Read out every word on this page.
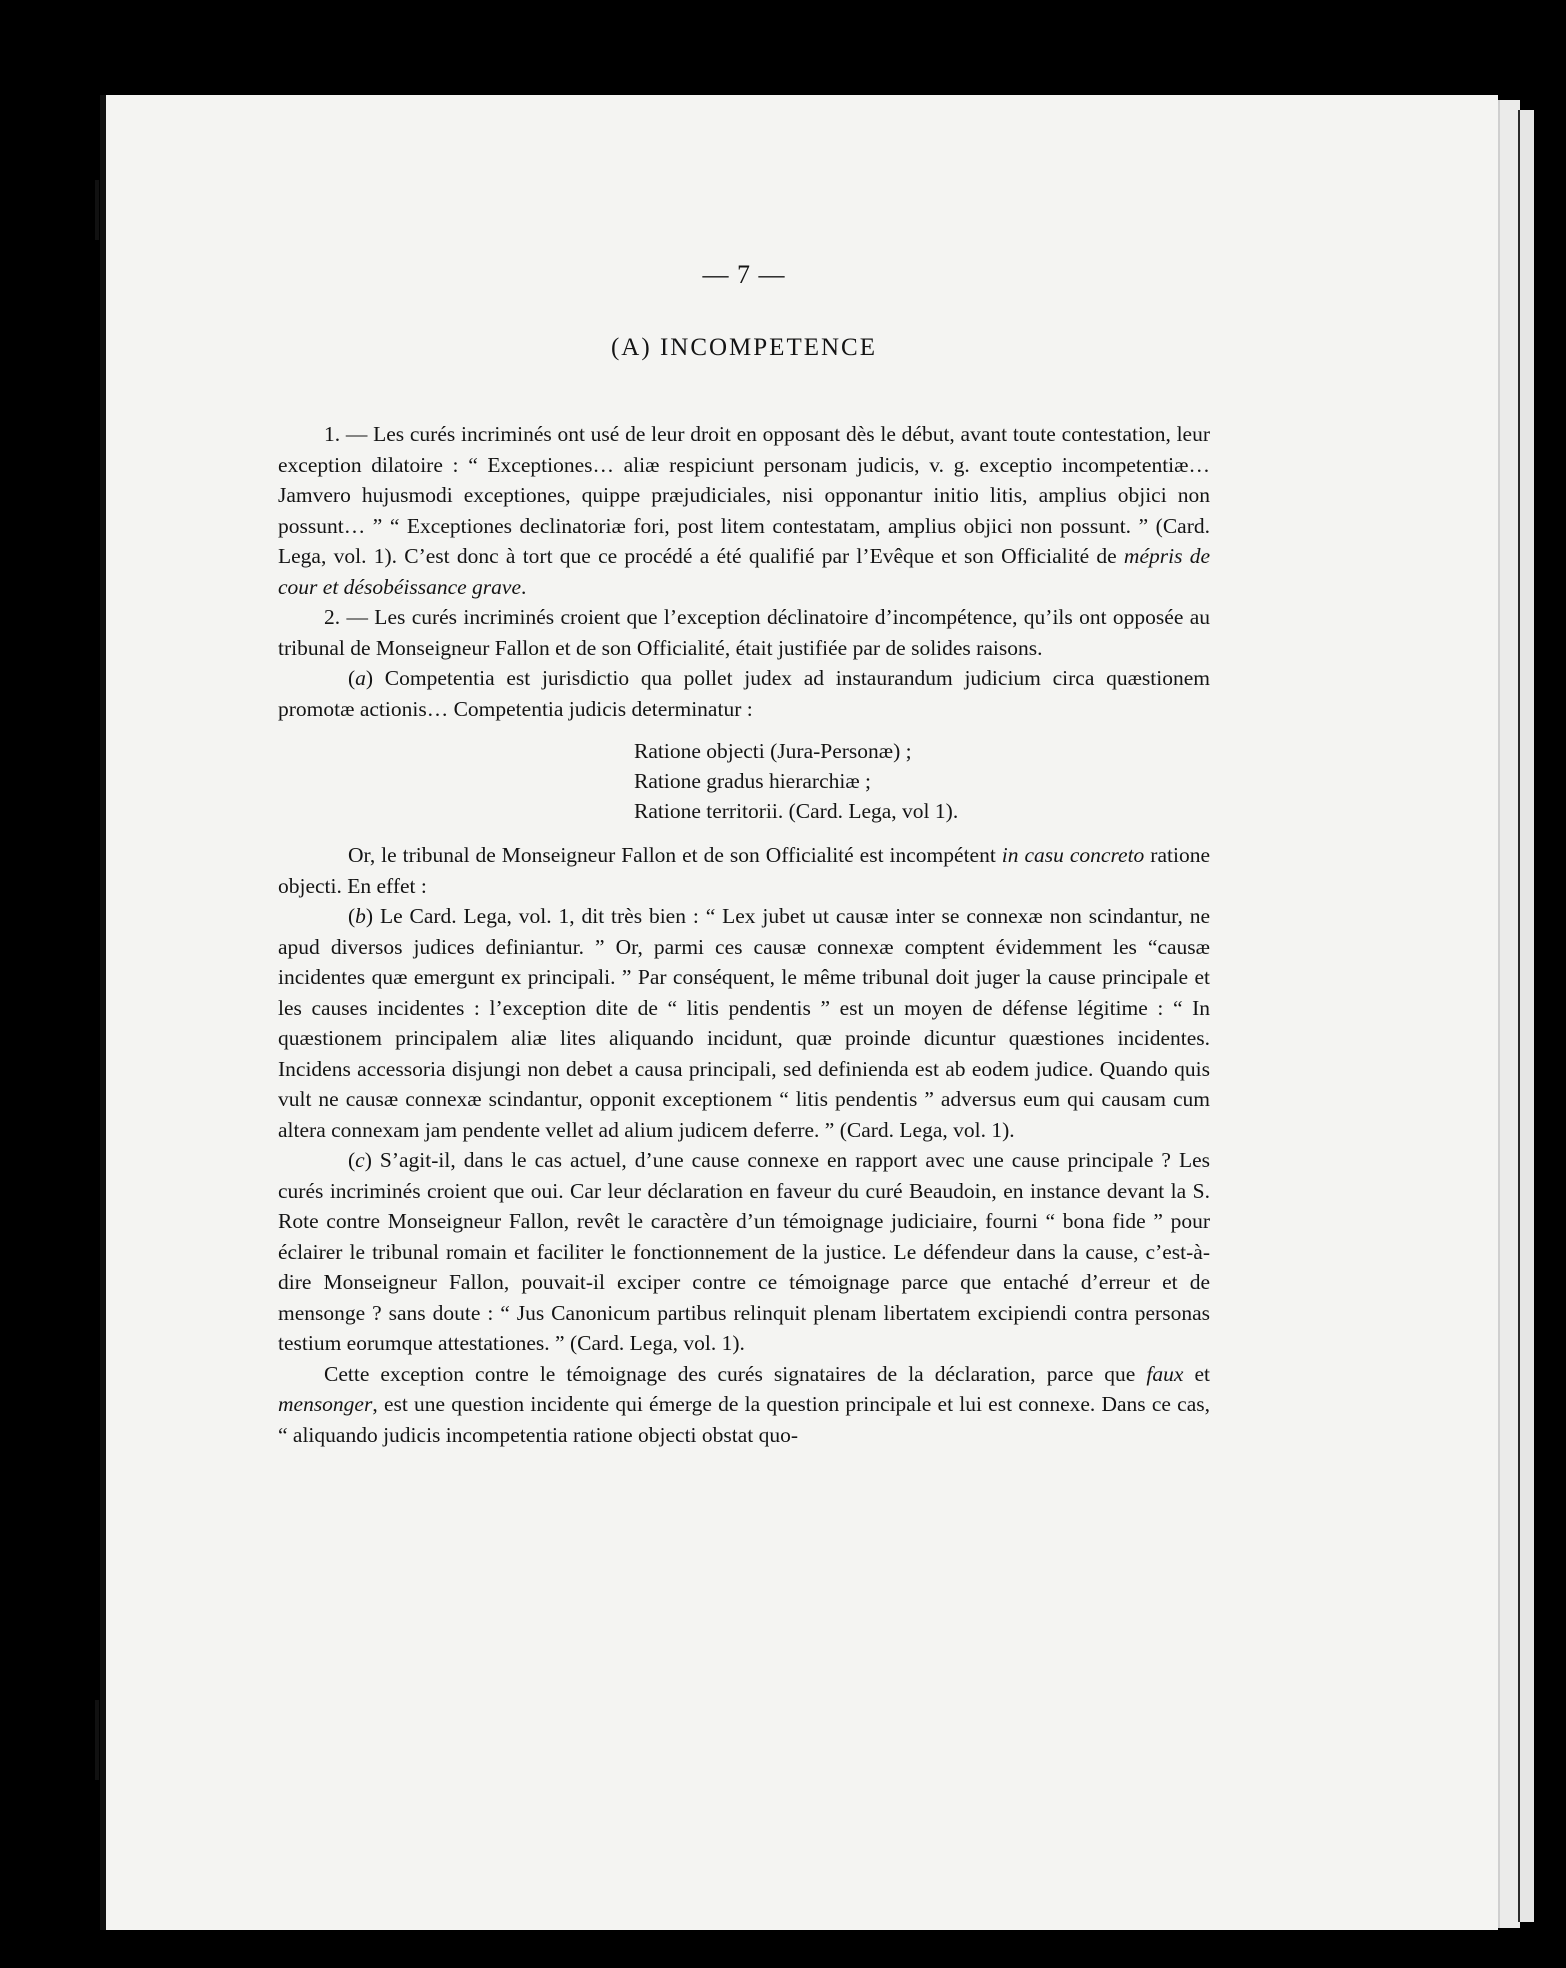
— 7 —
(A) INCOMPETENCE

1. — Les curés incriminés ont usé de leur droit en opposant dès le début, avant toute contestation, leur exception dilatoire : “ Exceptiones… aliæ respiciunt personam judicis, v. g. exceptio incompetentiæ… Jamvero hujusmodi exceptiones, quippe præjudiciales, nisi opponantur initio litis, amplius objici non possunt… ” “ Exceptiones declinatoriæ fori, post litem contestatam, amplius objici non possunt. ” (Card. Lega, vol. 1). C’est donc à tort que ce procédé a été qualifié par l’Evêque et son Officialité de mépris de cour et désobéissance grave.

2. — Les curés incriminés croient que l’exception déclinatoire d’incompétence, qu’ils ont opposée au tribunal de Monseigneur Fallon et de son Officialité, était justifiée par de solides raisons.

(a) Competentia est jurisdictio qua pollet judex ad instaurandum judicium circa quæstionem promotæ actionis… Competentia judicis determinatur :

Ratione objecti (Jura-Personæ) ;
Ratione gradus hierarchiæ ;
Ratione territorii. (Card. Lega, vol 1).

Or, le tribunal de Monseigneur Fallon et de son Officialité est incompétent in casu concreto ratione objecti. En effet :

(b) Le Card. Lega, vol. 1, dit très bien : “ Lex jubet ut causæ inter se connexæ non scindantur, ne apud diversos judices definiantur. ” Or, parmi ces causæ connexæ comptent évidemment les “causæ incidentes quæ emergunt ex principali. ” Par conséquent, le même tribunal doit juger la cause principale et les causes incidentes : l’exception dite de “ litis pendentis ” est un moyen de défense légitime : “ In quæstionem principalem aliæ lites aliquando incidunt, quæ proinde dicuntur quæstiones incidentes. Incidens accessoria disjungi non debet a causa principali, sed definienda est ab eodem judice. Quando quis vult ne causæ connexæ scindantur, opponit exceptionem “ litis pendentis ” adversus eum qui causam cum altera connexam jam pendente vellet ad alium judicem deferre. ” (Card. Lega, vol. 1).

(c) S’agit-il, dans le cas actuel, d’une cause connexe en rapport avec une cause principale ? Les curés incriminés croient que oui. Car leur déclaration en faveur du curé Beaudoin, en instance devant la S. Rote contre Monseigneur Fallon, revêt le caractère d’un témoignage judiciaire, fourni “ bona fide ” pour éclairer le tribunal romain et faciliter le fonctionnement de la justice. Le défendeur dans la cause, c’est-à-dire Monseigneur Fallon, pouvait-il exciper contre ce témoignage parce que entaché d’erreur et de mensonge ? sans doute : “ Jus Canonicum partibus relinquit plenam libertatem excipiendi contra personas testium eorumque attestationes. ” (Card. Lega, vol. 1).

Cette exception contre le témoignage des curés signataires de la déclaration, parce que faux et mensonger, est une question incidente qui émerge de la question principale et lui est connexe. Dans ce cas, “ aliquando judicis incompetentia ratione objecti obstat quo-
